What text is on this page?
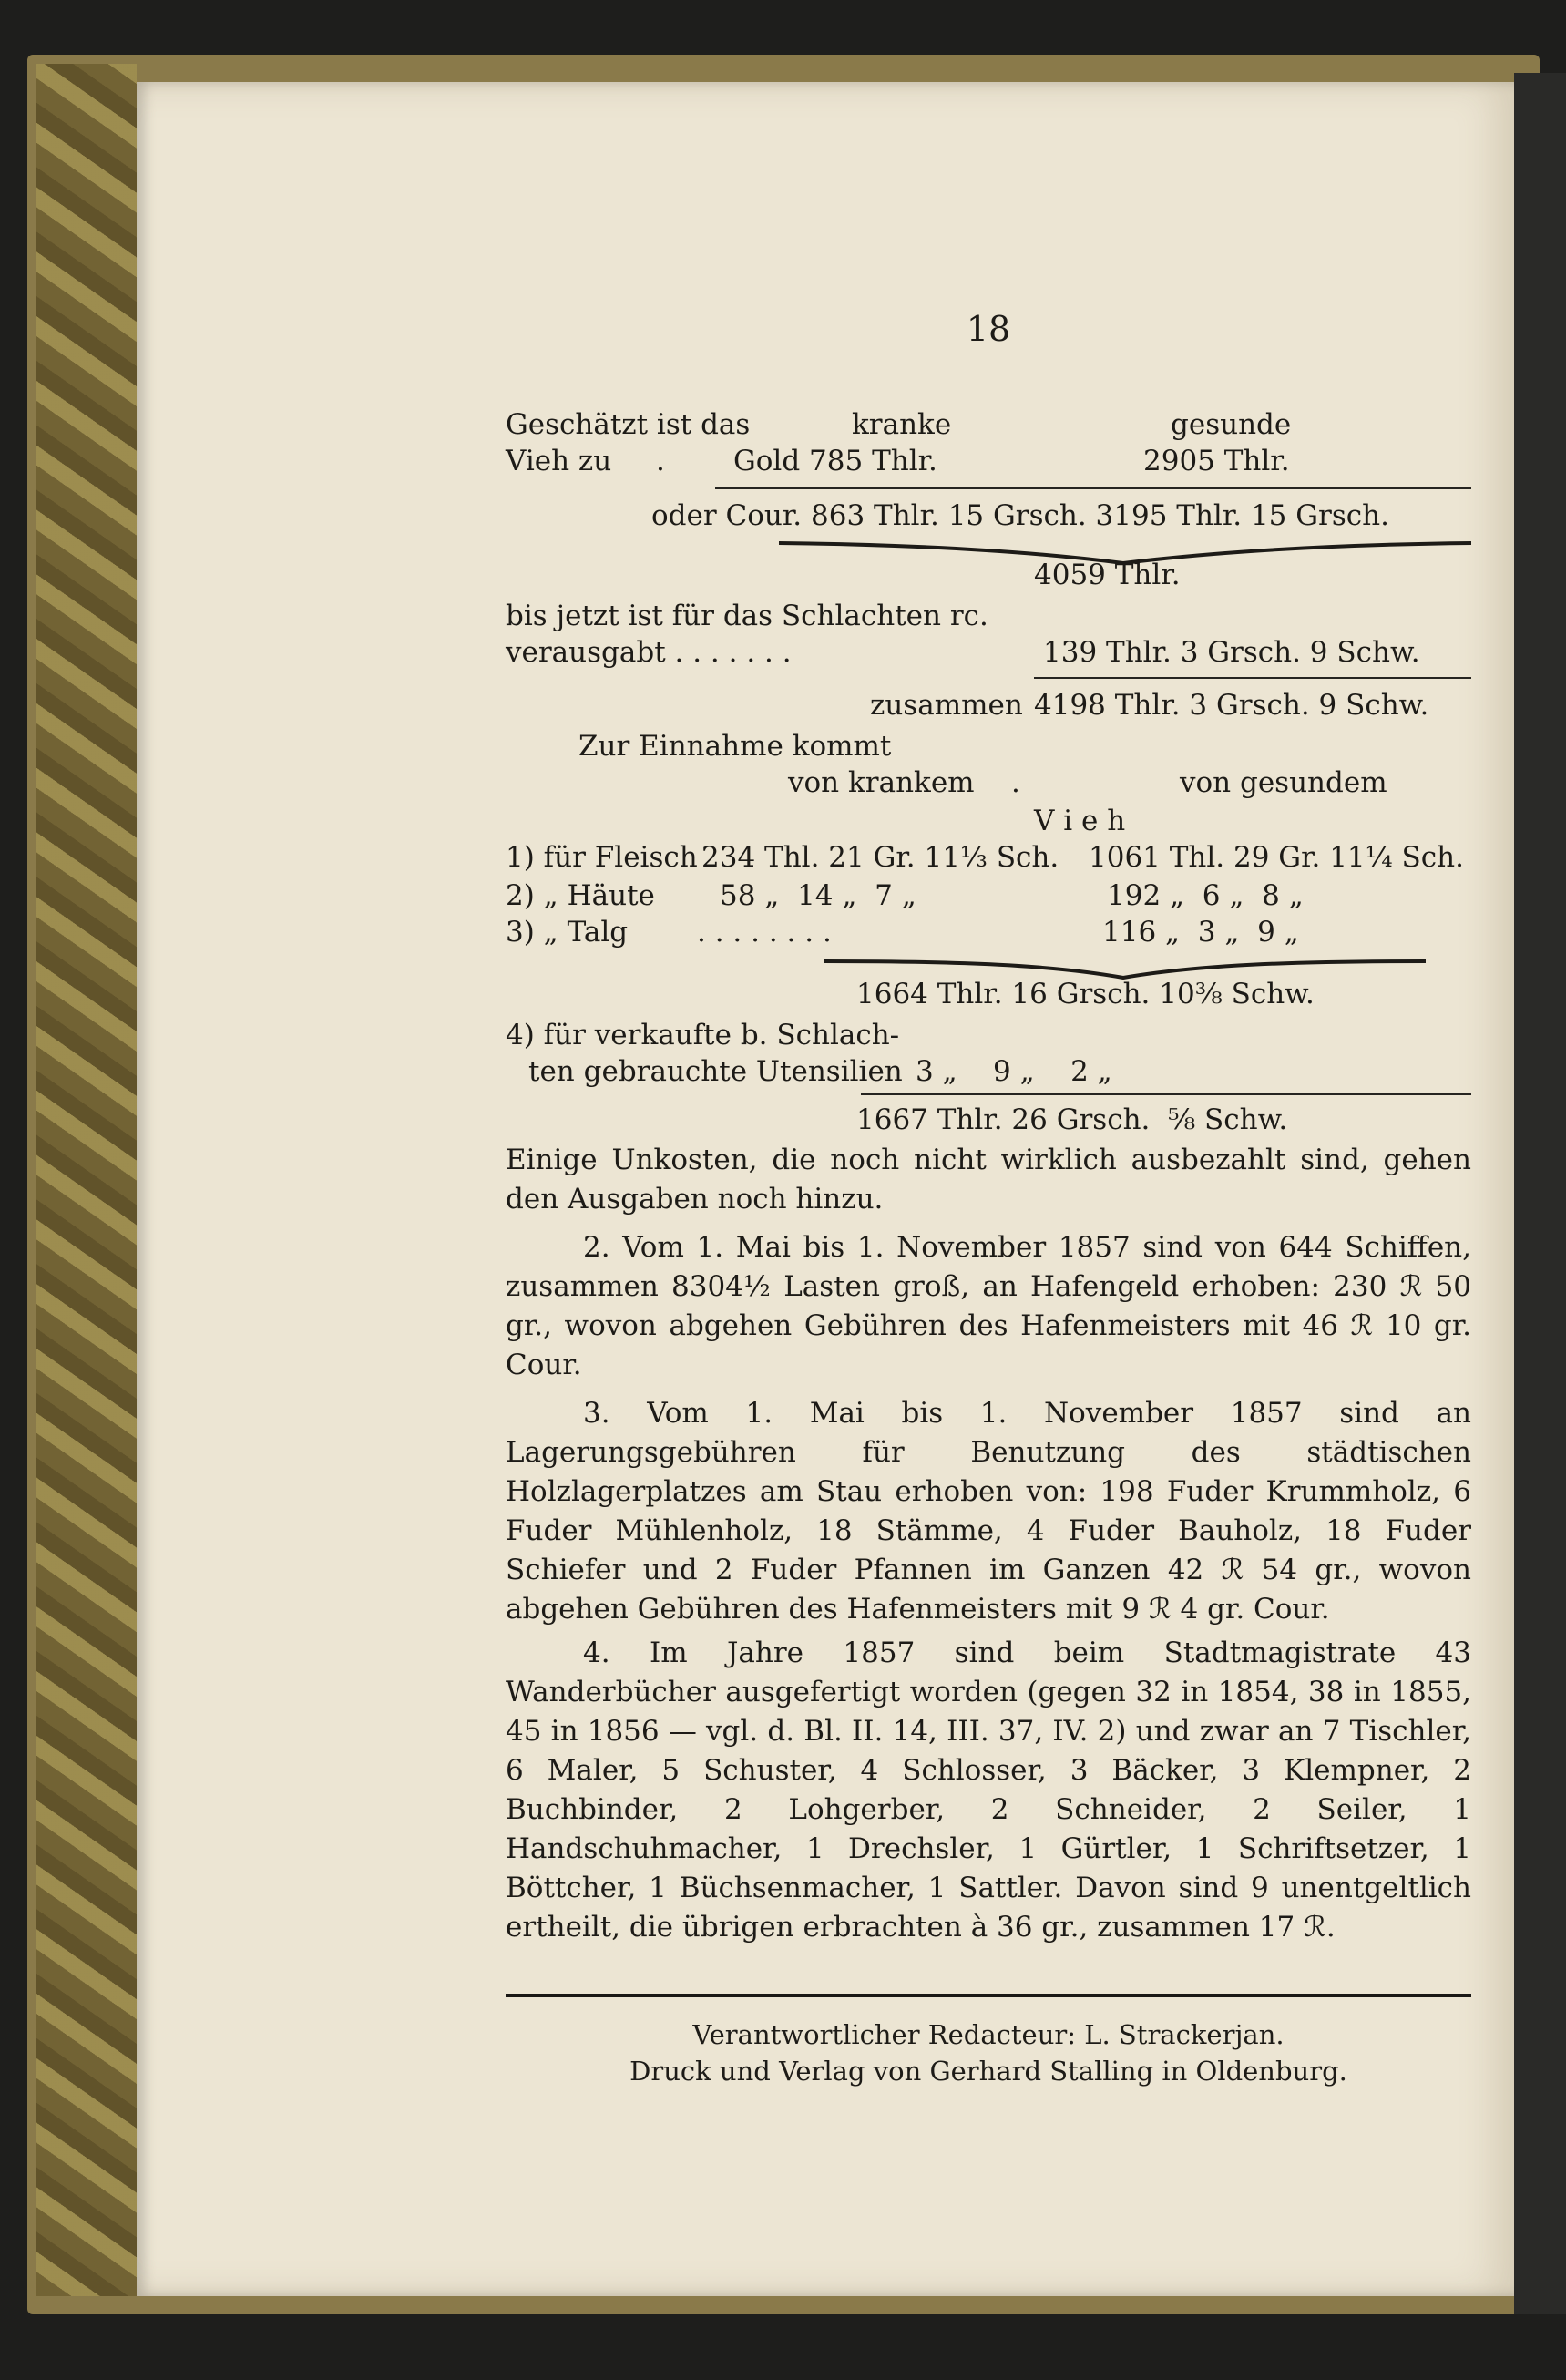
18
Geschätzt ist das	kranke	gesunde
Vieh zu . Gold 785 Thlr.	2905 Thlr.
oder Cour. 863 Thlr. 15 Grsch. 3195 Thlr. 15 Grsch.
4059 Thlr.
bis jetzt ist für das Schlachten rc.
verausgabt . . . . . . .	139 Thlr. 3 Grsch. 9 Schw.
zusammen 4198 Thlr. 3 Grsch. 9 Schw.
Zur Einnahme kommt
von krankem .	von gesundem
V i e h
1) für Fleisch 234 Thl. 21 Gr. 11⅓ Sch. 1061 Thl. 29 Gr. 11¼ Sch.
2) „ Häute 58 „  14 „  7 „	192 „  6 „  8 „
3) „ Talg . . . . . . . .	116 „  3 „  9 „
1664 Thlr. 16 Grsch. 10⅜ Schw.
4) für verkaufte b. Schlach-
ten gebrauchte Utensilien 3 „    9 „    2 „
1667 Thlr. 26 Grsch.  ⅝ Schw.
Einige Unkosten, die noch nicht wirklich ausbezahlt sind, gehen den Ausgaben noch hinzu.
2. Vom 1. Mai bis 1. November 1857 sind von 644 Schiffen, zusammen 8304½ Lasten groß, an Hafengeld erhoben: 230 ℛ 50 gr., wovon abgehen Gebühren des Hafenmeisters mit 46 ℛ 10 gr. Cour.
3. Vom 1. Mai bis 1. November 1857 sind an Lagerungsgebühren für Benutzung des städtischen Holzlagerplatzes am Stau erhoben von: 198 Fuder Krummholz, 6 Fuder Mühlenholz, 18 Stämme, 4 Fuder Bauholz, 18 Fuder Schiefer und 2 Fuder Pfannen im Ganzen 42 ℛ 54 gr., wovon abgehen Gebühren des Hafenmeisters mit 9 ℛ 4 gr. Cour.
4. Im Jahre 1857 sind beim Stadtmagistrate 43 Wanderbücher ausgefertigt worden (gegen 32 in 1854, 38 in 1855, 45 in 1856 — vgl. d. Bl. II. 14, III. 37, IV. 2) und zwar an 7 Tischler, 6 Maler, 5 Schuster, 4 Schlosser, 3 Bäcker, 3 Klempner, 2 Buchbinder, 2 Lohgerber, 2 Schneider, 2 Seiler, 1 Handschuhmacher, 1 Drechsler, 1 Gürtler, 1 Schriftsetzer, 1 Böttcher, 1 Büchsenmacher, 1 Sattler. Davon sind 9 unentgeltlich ertheilt, die übrigen erbrachten à 36 gr., zusammen 17 ℛ.
Verantwortlicher Redacteur: L. Strackerjan.
Druck und Verlag von Gerhard Stalling in Oldenburg.
